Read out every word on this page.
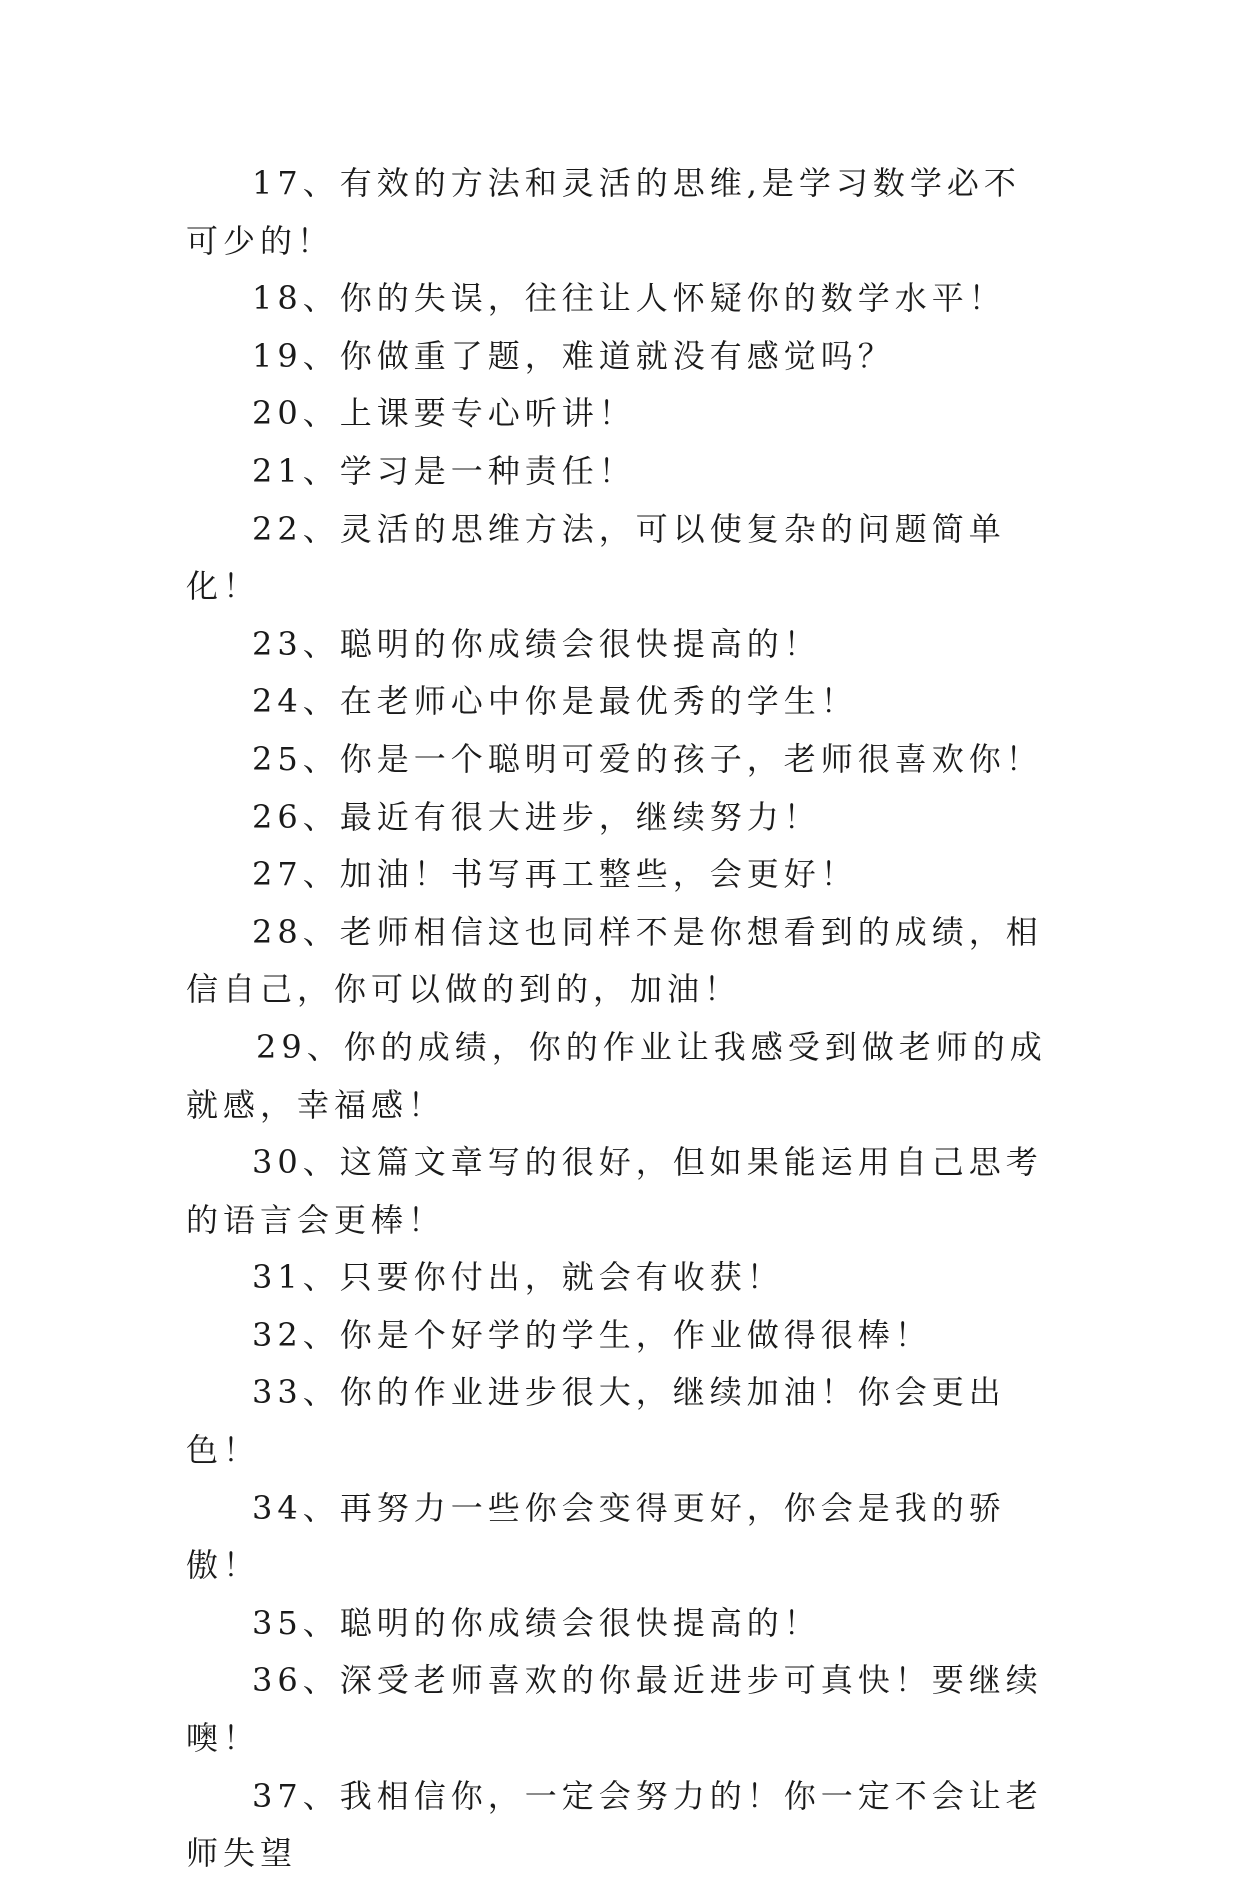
17、有效的方法和灵活的思维,是学习数学必不可少的！

18、你的失误，往往让人怀疑你的数学水平！

19、你做重了题，难道就没有感觉吗？

20、上课要专心听讲！

21、学习是一种责任！

22、灵活的思维方法，可以使复杂的问题简单化！

23、聪明的你成绩会很快提高的！

24、在老师心中你是最优秀的学生！

25、你是一个聪明可爱的孩子，老师很喜欢你！

26、最近有很大进步，继续努力！

27、加油！书写再工整些，会更好！

28、老师相信这也同样不是你想看到的成绩，相信自己，你可以做的到的，加油！

29、你的成绩，你的作业让我感受到做老师的成就感，幸福感！

30、这篇文章写的很好，但如果能运用自己思考的语言会更棒！

31、只要你付出，就会有收获！

32、你是个好学的学生，作业做得很棒！

33、你的作业进步很大，继续加油！你会更出色！

34、再努力一些你会变得更好，你会是我的骄傲！

35、聪明的你成绩会很快提高的！

36、深受老师喜欢的你最近进步可真快！要继续噢！

37、我相信你，一定会努力的！你一定不会让老师失望
